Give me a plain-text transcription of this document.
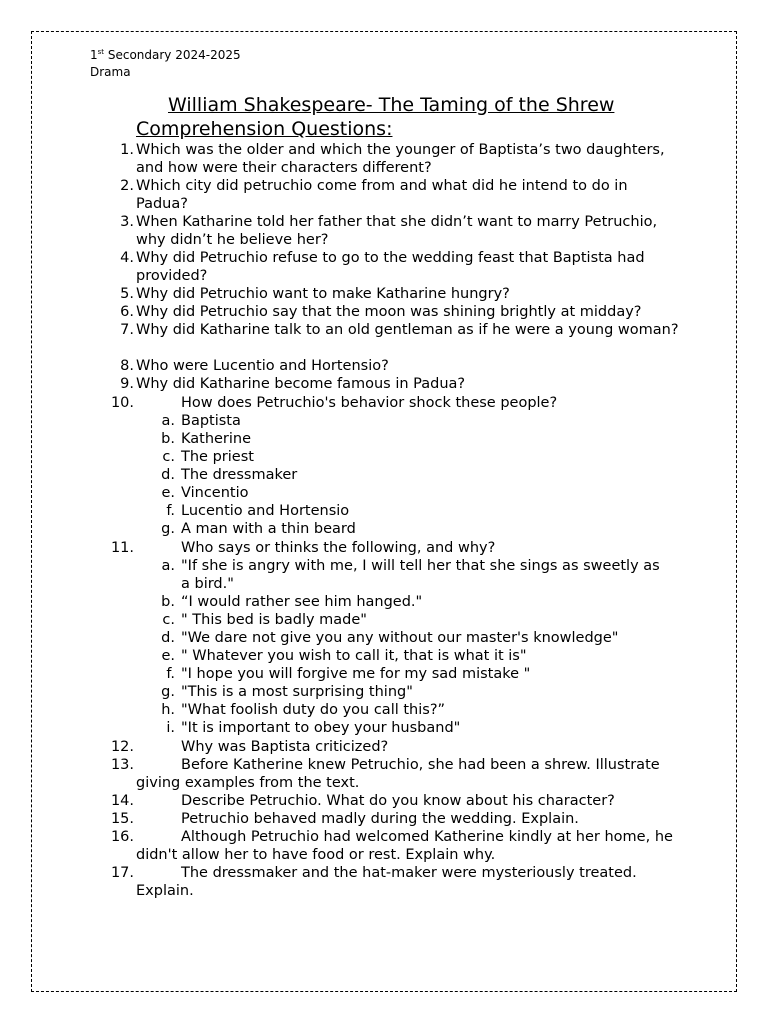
1st Secondary 2024-2025
Drama
William Shakespeare- The Taming of the Shrew
Comprehension Questions:
1. Which was the older and which the younger of Baptista’s two daughters, and how were their characters different?
2. Which city did petruchio come from and what did he intend to do in Padua?
3. When Katharine told her father that she didn’t want to marry Petruchio, why didn’t he believe her?
4. Why did Petruchio refuse to go to the wedding feast that Baptista had provided?
5. Why did Petruchio want to make Katharine hungry?
6. Why did Petruchio say that the moon was shining brightly at midday?
7. Why did Katharine talk to an old gentleman as if he were a young woman?
8. Who were Lucentio and Hortensio?
9. Why did Katharine become famous in Padua?
10.	How does Petruchio's behavior shock these people?
a. Baptista
b. Katherine
c. The priest
d. The dressmaker
e. Vincentio
f. Lucentio and Hortensio
g. A man with a thin beard
11.	Who says or thinks the following, and why?
a. "If she is angry with me, I will tell her that she sings as sweetly as a bird."
b. “I would rather see him hanged."
c. " This bed is badly made"
d. "We dare not give you any without our master's knowledge"
e. " Whatever you wish to call it, that is what it is"
f. "I hope you will forgive me for my sad mistake "
g. "This is a most surprising thing"
h. "What foolish duty do you call this?”
i. "It is important to obey your husband"
12.	Why was Baptista criticized?
13.	Before Katherine knew Petruchio, she had been a shrew. Illustrate giving examples from the text.
14.	Describe Petruchio. What do you know about his character?
15.	Petruchio behaved madly during the wedding. Explain.
16.	Although Petruchio had welcomed Katherine kindly at her home, he didn't allow her to have food or rest. Explain why.
17.	The dressmaker and the hat-maker were mysteriously treated. Explain.
